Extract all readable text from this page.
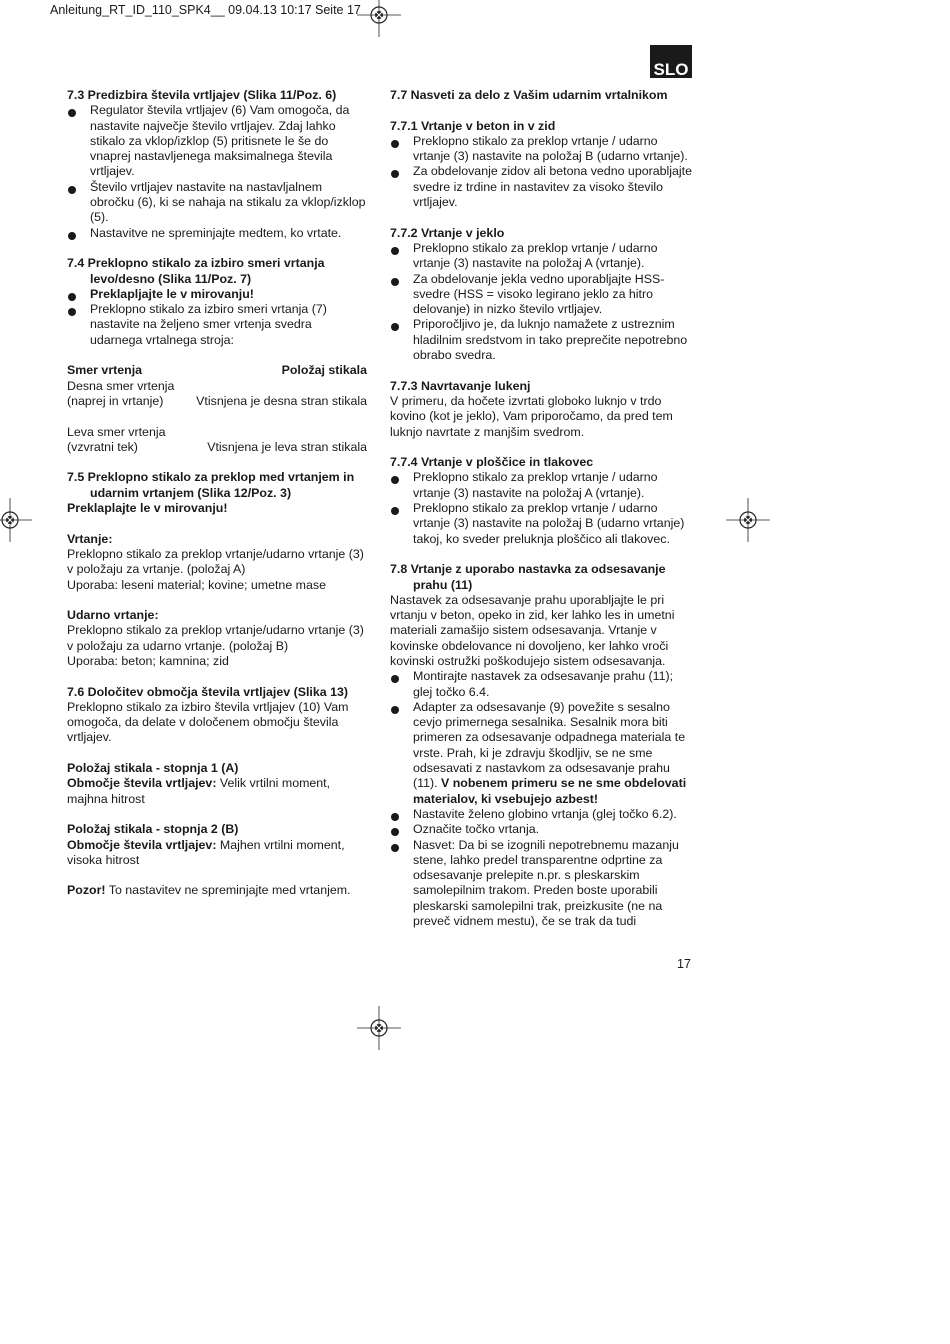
Anleitung_RT_ID_110_SPK4__ 09.04.13 10:17 Seite 17
SLO
7.3 Predizbira števila vrtljajev (Slika 11/Poz. 6)
Regulator števila vrtljajev (6) Vam omogoča, da nastavite največje število vrtljajev. Zdaj lahko stikalo za vklop/izklop (5) pritisnete le še do vnaprej nastavljenega maksimalnega števila vrtljajev.
Število vrtljajev nastavite na nastavljalnem obročku (6), ki se nahaja na stikalu za vklop/izklop (5).
Nastavitve ne spreminjajte medtem, ko vrtate.
7.4 Preklopno stikalo za izbiro smeri vrtanja levo/desno (Slika 11/Poz. 7)
Preklapljajte le v mirovanju!
Preklopno stikalo za izbiro smeri vrtanja (7) nastavite na željeno smer vrtenja svedra udarnega vrtalnega stroja:
Smer vrtenja	Položaj stikala

Desna smer vrtenja

(naprej in vrtanje)	Vtisnjena je desna stran stikala

Leva smer vrtenja

(vzvratni tek)	Vtisnjena je leva stran stikala
7.5 Preklopno stikalo za preklop med vrtanjem in udarnim vrtanjem (Slika 12/Poz. 3)
Preklaplajte le v mirovanju!
Vrtanje:

Preklopno stikalo za preklop vrtanje/udarno vrtanje (3) v položaju za vrtanje. (položaj A)

Uporaba: leseni material; kovine; umetne mase

Udarno vrtanje:

Preklopno stikalo za preklop vrtanje/udarno vrtanje (3) v položaju za udarno vrtanje. (položaj B)

Uporaba: beton; kamnina; zid

7.6 Določitev območja števila vrtljajev (Slika 13)

Preklopno stikalo za izbiro števila vrtljajev (10) Vam omogoča, da delate v določenem območju števila vrtljajev.

Položaj stikala - stopnja 1 (A)

Območje števila vrtljajev: Velik vrtilni moment, majhna hitrost

Položaj stikala - stopnja 2 (B)

Območje števila vrtljajev: Majhen vrtilni moment, visoka hitrost

Pozor! To nastavitev ne spreminjajte med vrtanjem.

7.7 Nasveti za delo z Vašim udarnim vrtalnikom
7.7.1 Vrtanje v beton in v zid
Preklopno stikalo za preklop vrtanje / udarno vrtanje (3) nastavite na položaj B (udarno vrtanje).
Za obdelovanje zidov ali betona vedno uporabljajte svedre iz trdine in nastavitev za visoko število vrtljajev.
7.7.2 Vrtanje v jeklo
Preklopno stikalo za preklop vrtanje / udarno vrtanje (3) nastavite na položaj A (vrtanje).
Za obdelovanje jekla vedno uporabljajte HSS-svedre (HSS = visoko legirano jeklo za hitro delovanje) in nizko število vrtljajev.
Priporočljivo je, da luknjo namažete z ustreznim hladilnim sredstvom in tako preprečite nepotrebno obrabo svedra.
7.7.3 Navrtavanje lukenj

V primeru, da hočete izvrtati globoko luknjo v trdo kovino (kot je jeklo), Vam priporočamo, da pred tem luknjo navrtate z manjšim svedrom.

7.7.4 Vrtanje v ploščice in tlakovec
Preklopno stikalo za preklop vrtanje / udarno vrtanje (3) nastavite na položaj A (vrtanje).
Preklopno stikalo za preklop vrtanje / udarno vrtanje (3) nastavite na položaj B (udarno vrtanje) takoj, ko sveder preluknja ploščico ali tlakovec.
7.8 Vrtanje z uporabo nastavka za odsesavanje prahu (11)

Nastavek za odsesavanje prahu uporabljajte le pri vrtanju v beton, opeko in zid, ker lahko les in umetni materiali zamašijo sistem odsesavanja. Vrtanje v kovinske obdelovance ni dovoljeno, ker lahko vroči kovinski ostružki poškodujejo sistem odsesavanja.

Montirajte nastavek za odsesavanje prahu (11); glej točko 6.4.
Adapter za odsesavanje (9) povežite s sesalno cevjo primernega sesalnika. Sesalnik mora biti primeren za odsesavanje odpadnega materiala te vrste. Prah, ki je zdravju škodljiv, se ne sme odsesavati z nastavkom za odsesavanje prahu (11). V nobenem primeru se ne sme obdelovati materialov, ki vsebujejo azbest!
Nastavite želeno globino vrtanja (glej točko 6.2).
Označite točko vrtanja.
Nasvet: Da bi se izognili nepotrebnemu mazanju stene, lahko predel transparentne odprtine za odsesavanje prelepite n.pr. s pleskarskim samolepilnim trakom. Preden boste uporabili pleskarski samolepilni trak, preizkusite (ne na preveč vidnem mestu), če se trak da tudi
17
